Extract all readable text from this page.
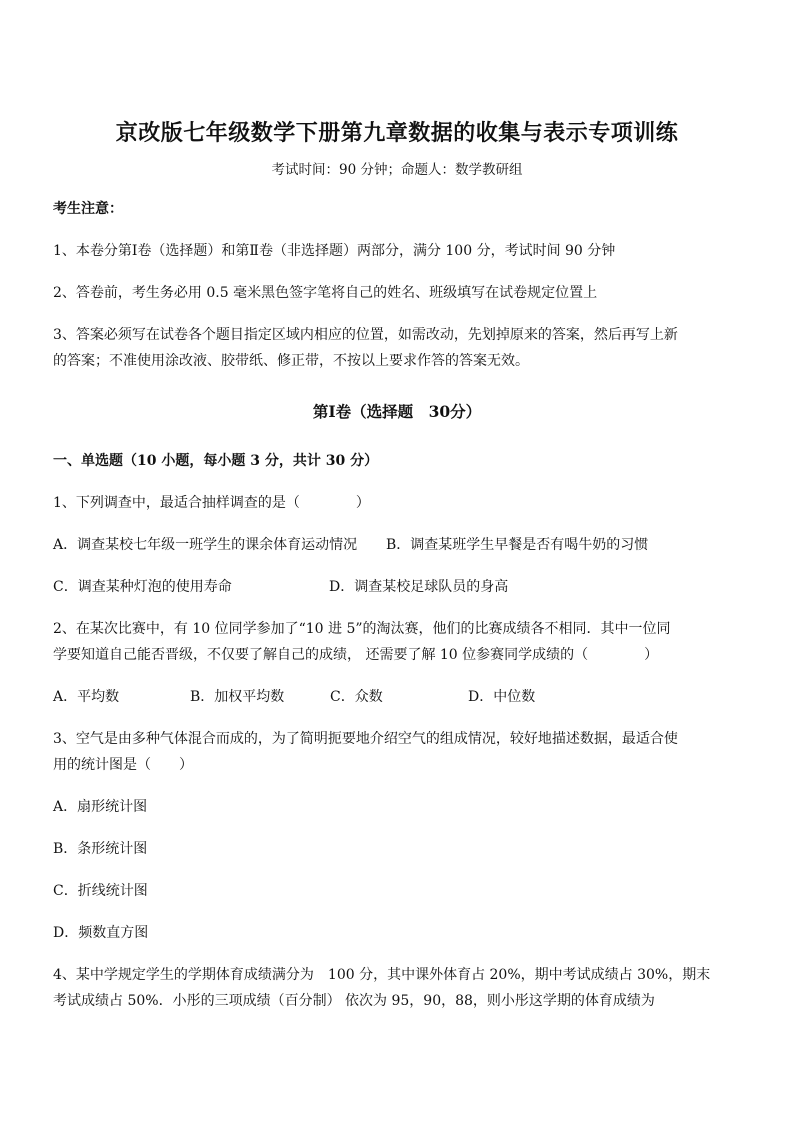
京改版七年级数学下册第九章数据的收集与表示专项训练
考试时间：90 分钟；命题人：数学教研组
考生注意：
1、本卷分第Ⅰ卷（选择题）和第Ⅱ卷（非选择题）两部分，满分 100 分，考试时间 90 分钟
2、答卷前，考生务必用 0.5 毫米黑色签字笔将自己的姓名、班级填写在试卷规定位置上
3、答案必须写在试卷各个题目指定区域内相应的位置，如需改动，先划掉原来的答案，然后再写上新
的答案；不准使用涂改液、胶带纸、修正带，不按以上要求作答的答案无效。
第Ⅰ卷（选择题　30分）
一、单选题（10 小题，每小题 3 分，共计 30 分）
1、下列调查中，最适合抽样调查的是（　　　　）
A．调查某校七年级一班学生的课余体育运动情况 B．调查某班学生早餐是否有喝牛奶的习惯
C．调查某种灯泡的使用寿命	D．调查某校足球队员的身高
2、在某次比赛中，有 10 位同学参加了“10 进 5”的淘汰赛，他们的比赛成绩各不相同．其中一位同
学要知道自己能否晋级，不仅要了解自己的成绩， 还需要了解 10 位参赛同学成绩的（　　　　）
A．平均数	B．加权平均数	C．众数	D．中位数
3、空气是由多种气体混合而成的，为了简明扼要地介绍空气的组成情况，较好地描述数据，最适合使
用的统计图是（　　）
A．扇形统计图
B．条形统计图
C．折线统计图
D．频数直方图
4、某中学规定学生的学期体育成绩满分为　100 分，其中课外体育占 20%，期中考试成绩占 30%，期末
考试成绩占 50%．小彤的三项成绩（百分制） 依次为 95，90，88，则小彤这学期的体育成绩为
